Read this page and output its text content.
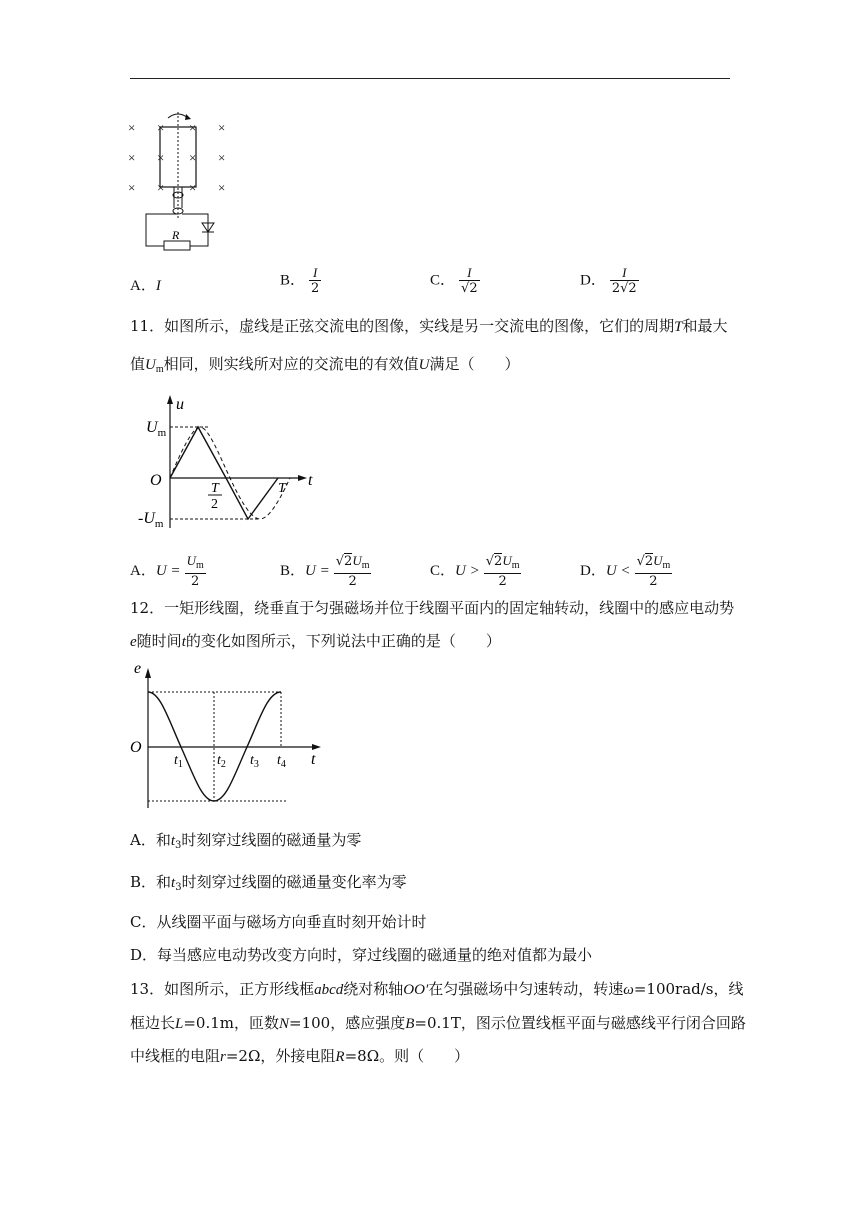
×	×
×	×
×	×
× ×
× ×
× ×
R
A．I	B． $\frac{I}{2}$	C． $\frac{I}{√2}$	D． $\frac{I}{2√2}$
11．如图所示，虚线是正弦交流电的图像，实线是另一交流电的图像，它们的周期T和最大
值$U_m$相同，则实线所对应的交流电的有效值U满足（　　）
u
t
O
$U_m$
$-U_m$
T
2
T
A．$U = \frac{U_m}{2}$	B．$U = \frac{√2U_m}{2}$	C．$U > \frac{√2U_m}{2}$	D．$U < \frac{√2U_m}{2}$
12．一矩形线圈，绕垂直于匀强磁场并位于线圈平面内的固定轴转动，线圈中的感应电动势
e随时间t的变化如图所示，下列说法中正确的是（　　）
e
t
O
$t_1$ $t_2$ $t_3$ $t_4$
A．和$t_3$时刻穿过线圈的磁通量为零
B．和$t_3$时刻穿过线圈的磁通量变化率为零
C．从线圈平面与磁场方向垂直时刻开始计时
D．每当感应电动势改变方向时，穿过线圈的磁通量的绝对值都为最小
13．如图所示，正方形线框abcd绕对称轴OO′在匀强磁场中匀速转动，转速ω=100rad/s，线
框边长L=0.1m，匝数N=100，感应强度B=0.1T，图示位置线框平面与磁感线平行闭合回路
中线框的电阻r=2Ω，外接电阻R=8Ω。则（　　）
